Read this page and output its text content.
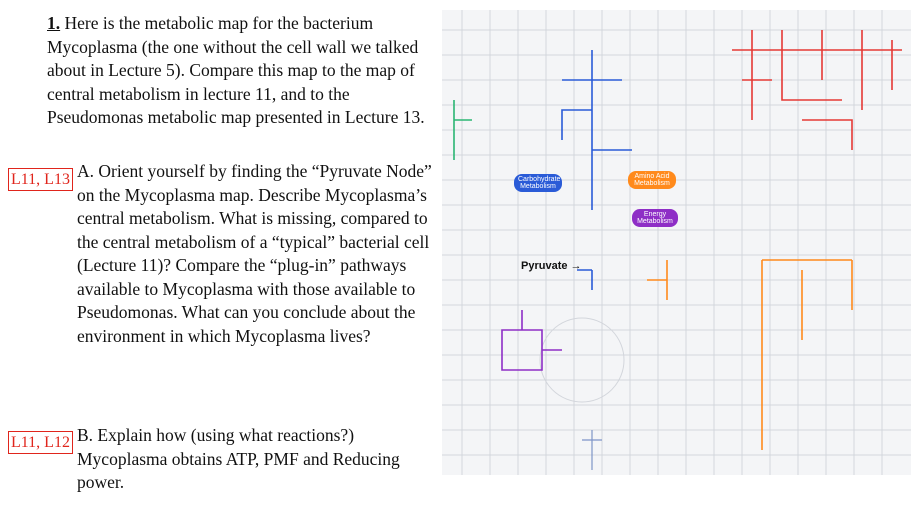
1. Here is the metabolic map for the bacterium Mycoplasma (the one without the cell wall we talked about in Lecture 5). Compare this map to the map of central metabolism in lecture 11, and to the Pseudomonas metabolic map presented in Lecture 13.
L11, L13 A. Orient yourself by finding the “Pyruvate Node” on the Mycoplasma map. Describe Mycoplasma’s central metabolism. What is missing, compared to the central metabolism of a “typical” bacterial cell (Lecture 11)? Compare the “plug-in” pathways available to Mycoplasma with those available to Pseudomonas. What can you conclude about the environment in which Mycoplasma lives?
L11, L12 B. Explain how (using what reactions?) Mycoplasma obtains ATP, PMF and Reducing power.
Carbohydrate Metabolism
Amino Acid Metabolism
Energy Metabolism
Pyruvate →
